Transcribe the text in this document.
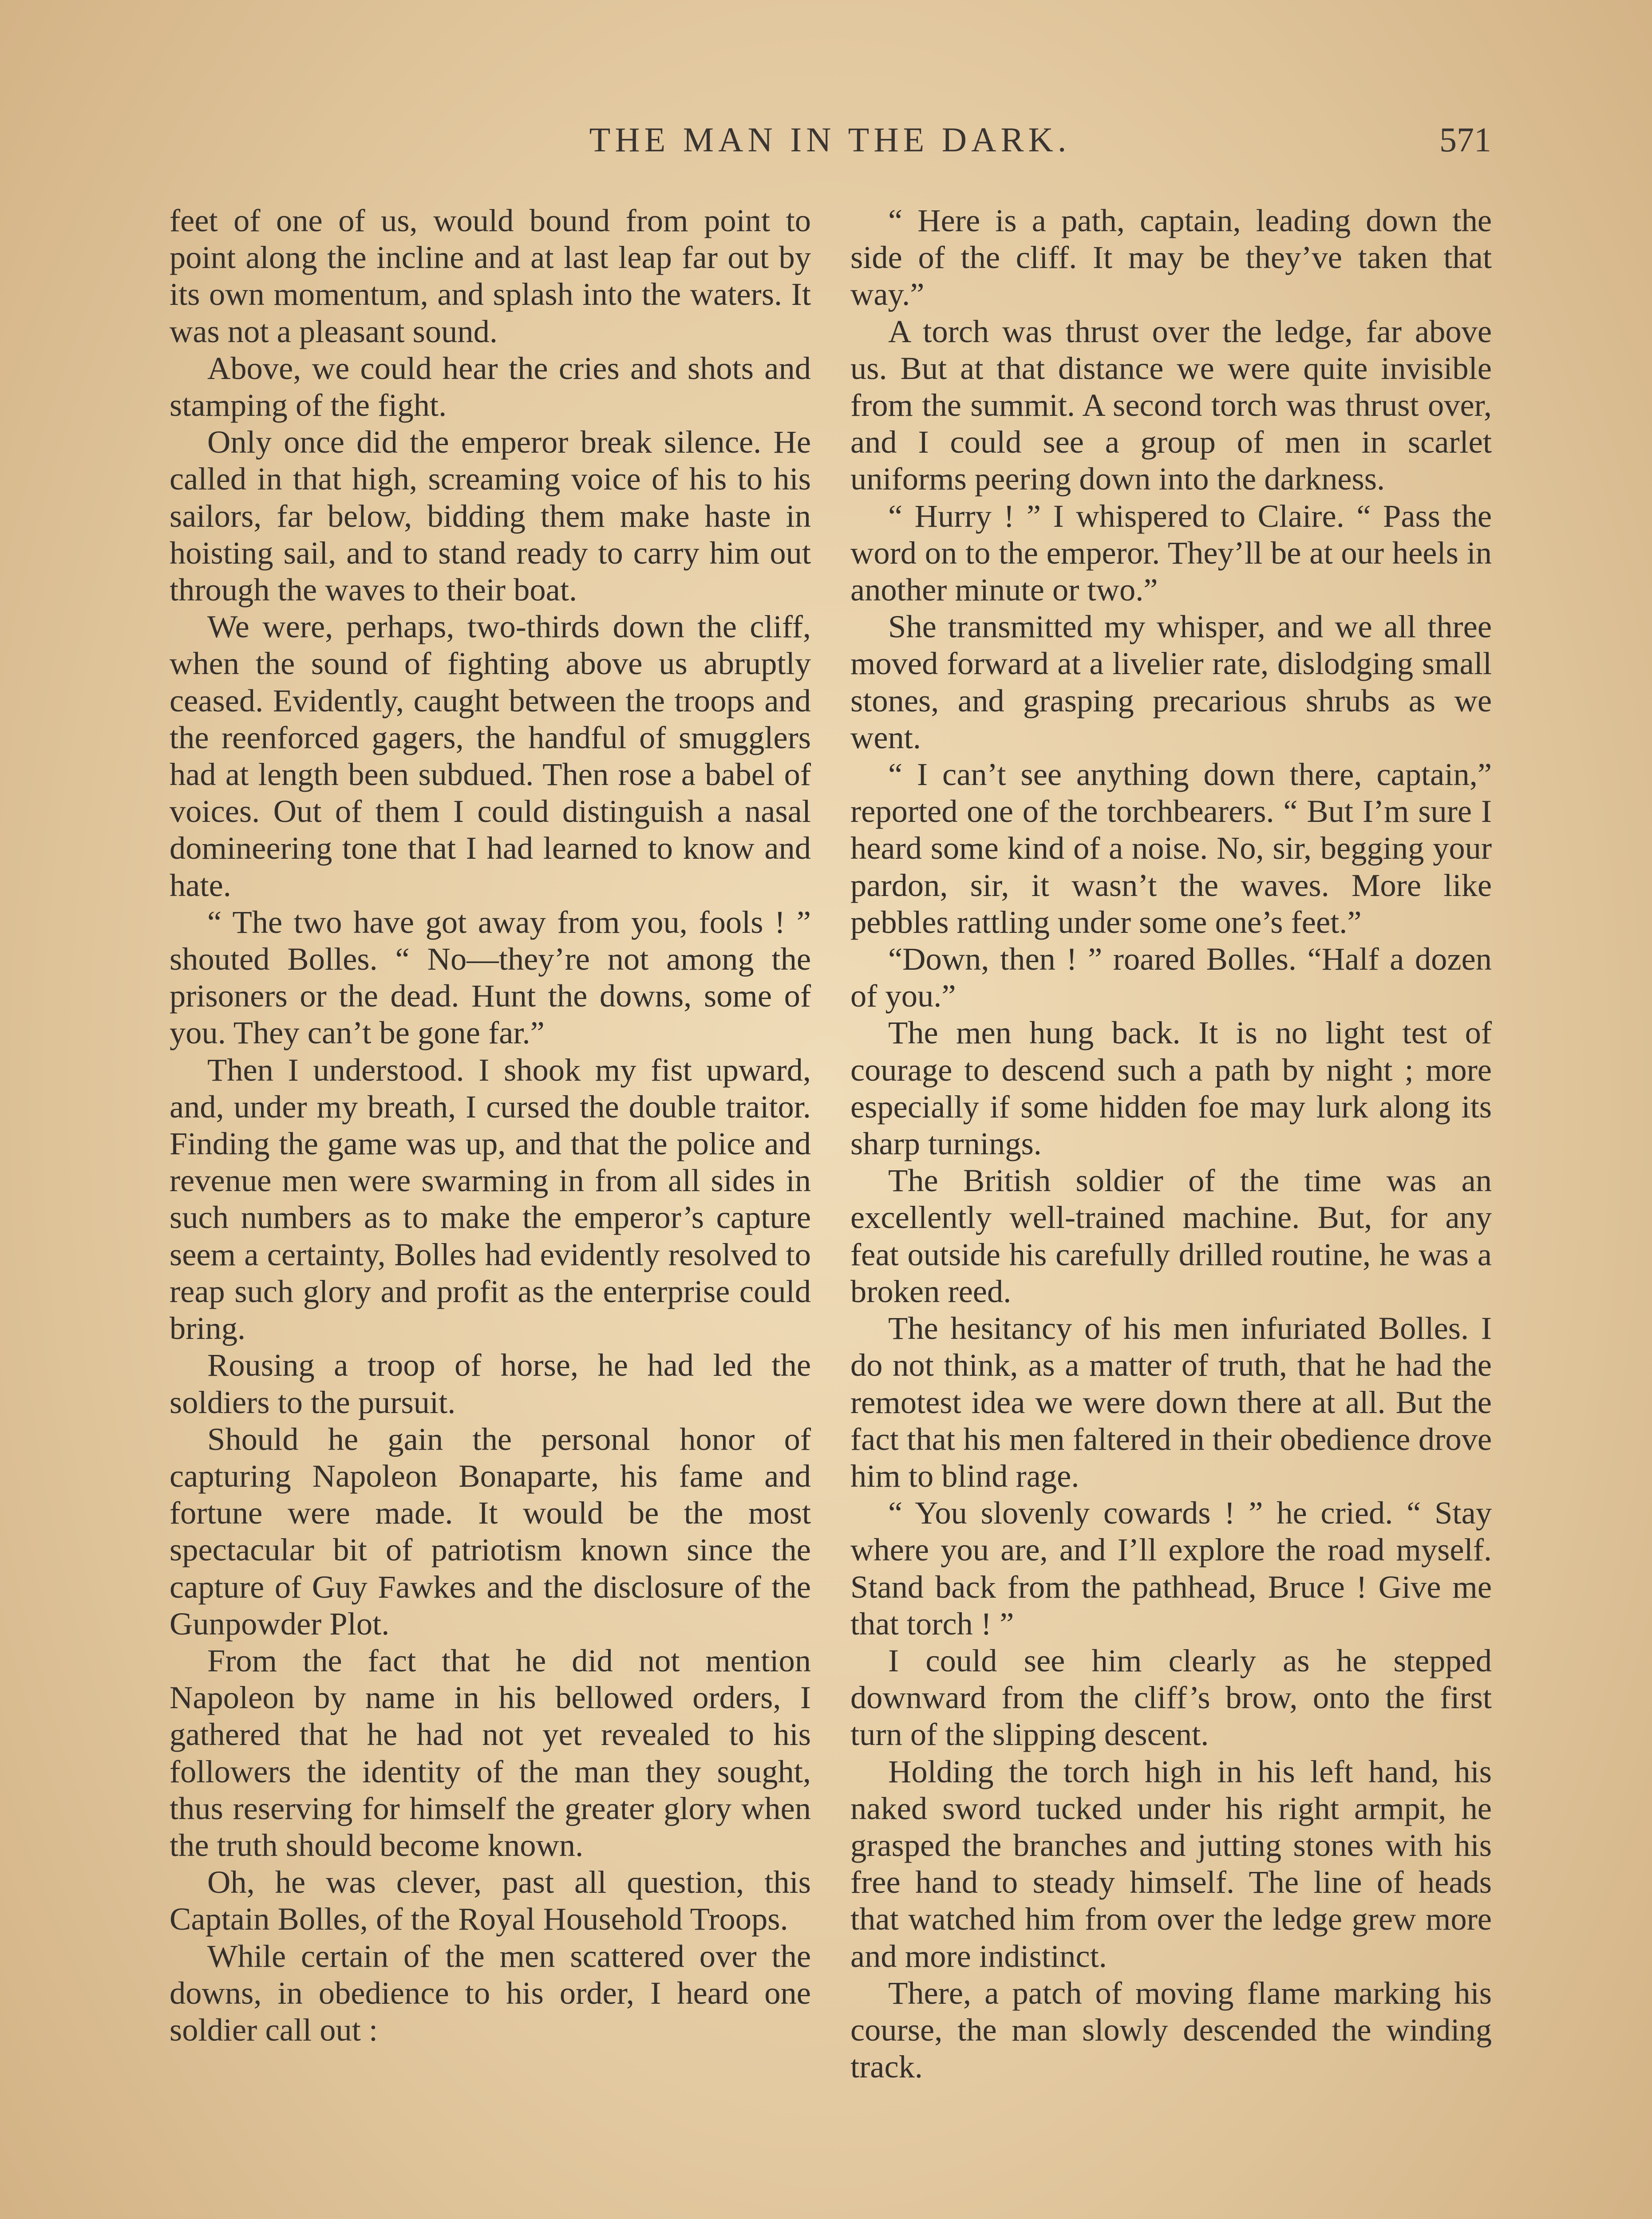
THE MAN IN THE DARK.	571

feet of one of us, would bound from point to point along the incline and at last leap far out by its own momentum, and splash into the waters. It was not a pleasant sound.

Above, we could hear the cries and shots and stamping of the fight.

Only once did the emperor break silence. He called in that high, screaming voice of his to his sailors, far below, bidding them make haste in hoisting sail, and to stand ready to carry him out through the waves to their boat.

We were, perhaps, two-thirds down the cliff, when the sound of fighting above us abruptly ceased. Evidently, caught between the troops and the reenforced gagers, the handful of smugglers had at length been subdued. Then rose a babel of voices. Out of them I could distinguish a nasal domineering tone that I had learned to know and hate.

“ The two have got away from you, fools ! ” shouted Bolles. “ No—they’re not among the prisoners or the dead. Hunt the downs, some of you. They can’t be gone far.”

Then I understood. I shook my fist upward, and, under my breath, I cursed the double traitor. Finding the game was up, and that the police and revenue men were swarming in from all sides in such numbers as to make the emperor’s capture seem a certainty, Bolles had evidently resolved to reap such glory and profit as the enterprise could bring.

Rousing a troop of horse, he had led the soldiers to the pursuit.

Should he gain the personal honor of capturing Napoleon Bonaparte, his fame and fortune were made. It would be the most spectacular bit of patriotism known since the capture of Guy Fawkes and the disclosure of the Gunpowder Plot.

From the fact that he did not mention Napoleon by name in his bellowed orders, I gathered that he had not yet revealed to his followers the identity of the man they sought, thus reserving for himself the greater glory when the truth should become known.

Oh, he was clever, past all question, this Captain Bolles, of the Royal Household Troops.

While certain of the men scattered over the downs, in obedience to his order, I heard one soldier call out :

“ Here is a path, captain, leading down the side of the cliff. It may be they’ve taken that way.”

A torch was thrust over the ledge, far above us. But at that distance we were quite invisible from the summit. A second torch was thrust over, and I could see a group of men in scarlet uniforms peering down into the darkness.

“ Hurry ! ” I whispered to Claire. “ Pass the word on to the emperor. They’ll be at our heels in another minute or two.”

She transmitted my whisper, and we all three moved forward at a livelier rate, dislodging small stones, and grasping precarious shrubs as we went.

“ I can’t see anything down there, captain,” reported one of the torchbearers. “ But I’m sure I heard some kind of a noise. No, sir, begging your pardon, sir, it wasn’t the waves. More like pebbles rattling under some one’s feet.”

“Down, then ! ” roared Bolles. “Half a dozen of you.”

The men hung back. It is no light test of courage to descend such a path by night ; more especially if some hidden foe may lurk along its sharp turnings.

The British soldier of the time was an excellently well-trained machine. But, for any feat outside his carefully drilled routine, he was a broken reed.

The hesitancy of his men infuriated Bolles. I do not think, as a matter of truth, that he had the remotest idea we were down there at all. But the fact that his men faltered in their obedience drove him to blind rage.

“ You slovenly cowards ! ” he cried. “ Stay where you are, and I’ll explore the road myself. Stand back from the pathhead, Bruce ! Give me that torch ! ”

I could see him clearly as he stepped downward from the cliff’s brow, onto the first turn of the slipping descent.

Holding the torch high in his left hand, his naked sword tucked under his right armpit, he grasped the branches and jutting stones with his free hand to steady himself. The line of heads that watched him from over the ledge grew more and more indistinct.

There, a patch of moving flame marking his course, the man slowly descended the winding track.
